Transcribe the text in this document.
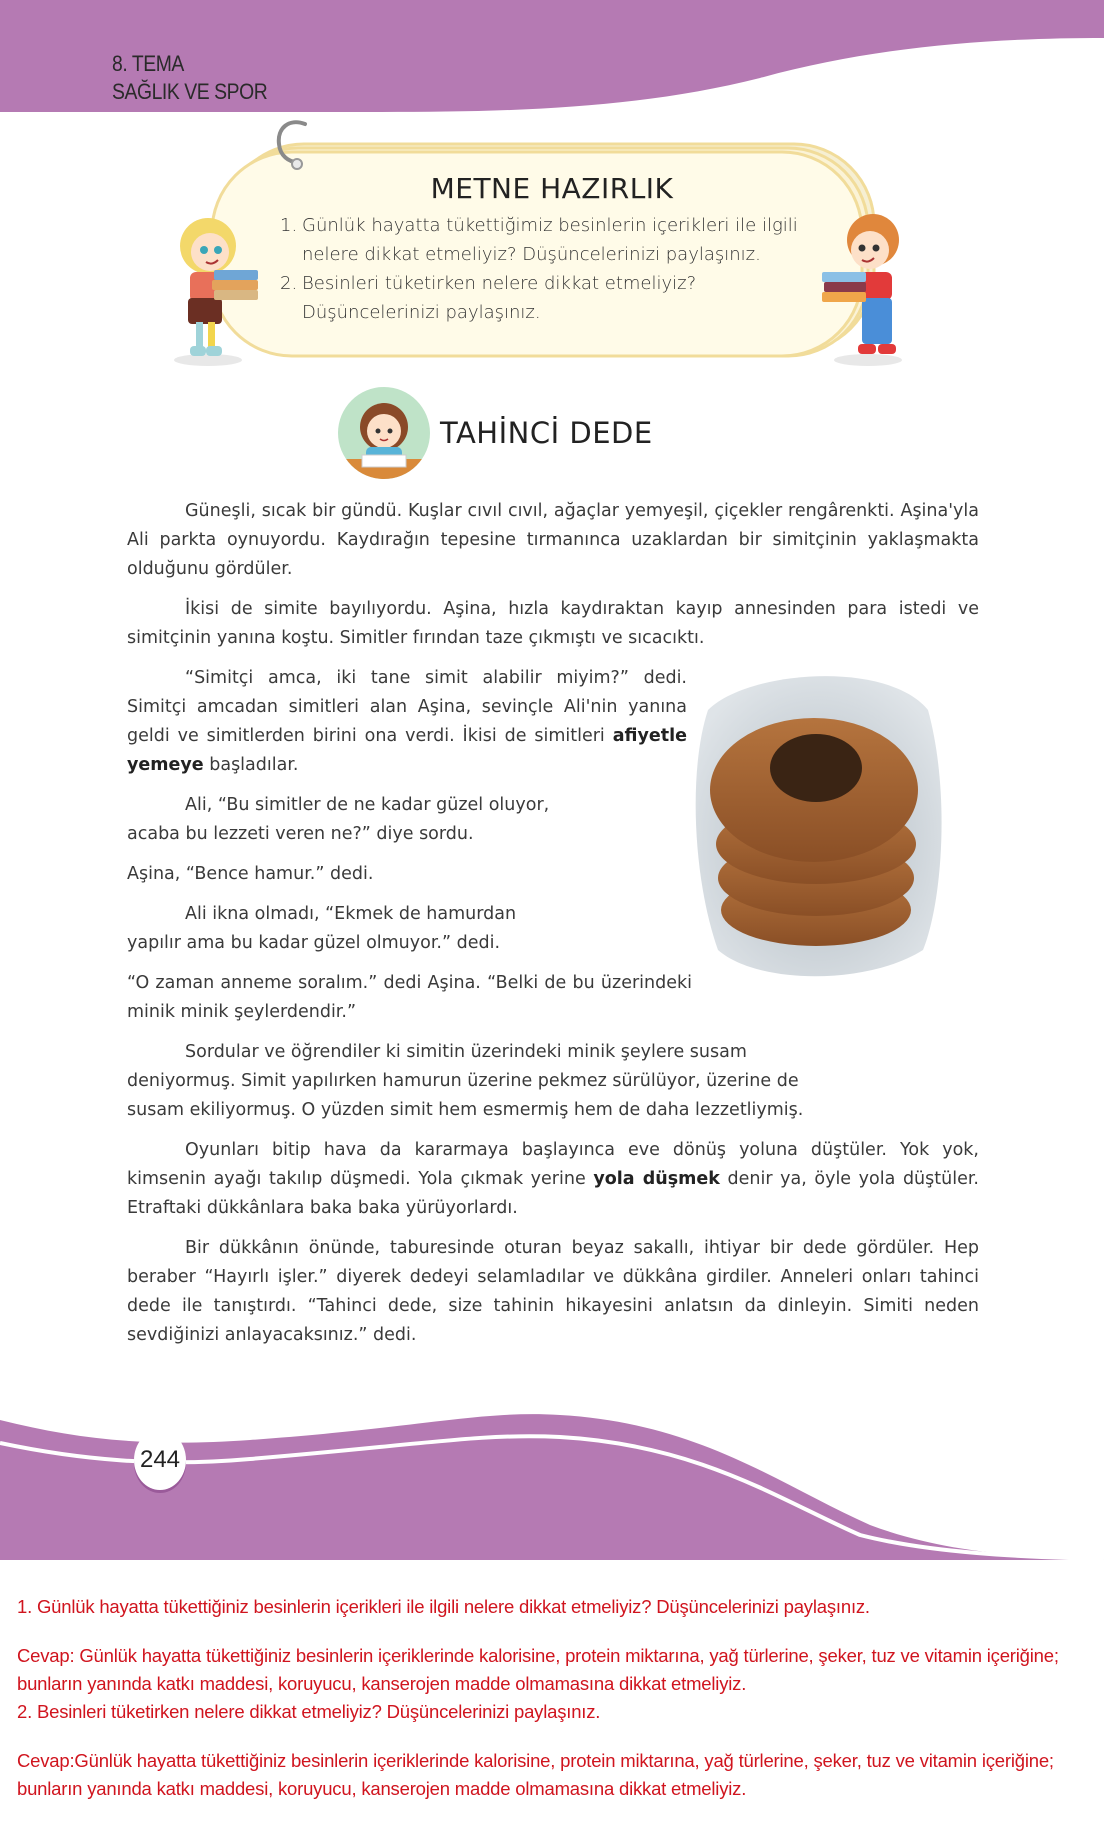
8. TEMA
SAĞLIK VE SPOR
METNE HAZIRLIK
1. Günlük hayatta tükettiğimiz besinlerin içerikleri ile ilgili nelere dikkat etmeliyiz? Düşüncelerinizi paylaşınız.
2. Besinleri tüketirken nelere dikkat etmeliyiz? Düşüncelerinizi paylaşınız.
TAHİNCİ DEDE

Güneşli, sıcak bir gündü. Kuşlar cıvıl cıvıl, ağaçlar yemyeşil, çiçekler rengârenkti. Aşina'yla Ali parkta oynuyordu. Kaydırağın tepesine tırmanınca uzaklardan bir simitçinin yaklaşmakta olduğunu gördüler.

İkisi de simite bayılıyordu. Aşina, hızla kaydıraktan kayıp annesinden para istedi ve simitçinin yanına koştu. Simitler fırından taze çıkmıştı ve sıcacıktı.

“Simitçi amca, iki tane simit alabilir miyim?” dedi. Simitçi amcadan simitleri alan Aşina, sevinçle Ali'nin yanına geldi ve simitlerden birini ona verdi. İkisi de simitleri afiyetle yemeye başladılar.

Ali, “Bu simitler de ne kadar güzel oluyor, acaba bu lezzeti veren ne?” diye sordu.

Aşina, “Bence hamur.” dedi.

Ali ikna olmadı, “Ekmek de hamurdan yapılır ama bu kadar güzel olmuyor.” dedi.

“O zaman anneme soralım.” dedi Aşina. “Belki de bu üzerindeki minik minik şeylerdendir.”

Sordular ve öğrendiler ki simitin üzerindeki minik şeylere susam deniyormuş. Simit yapılırken hamurun üzerine pekmez sürülüyor, üzerine de susam ekiliyormuş. O yüzden simit hem esmermiş hem de daha lezzetliymiş.

Oyunları bitip hava da kararmaya başlayınca eve dönüş yoluna düştüler. Yok yok, kimsenin ayağı takılıp düşmedi. Yola çıkmak yerine yola düşmek denir ya, öyle yola düştüler. Etraftaki dükkânlara baka baka yürüyorlardı.

Bir dükkânın önünde, taburesinde oturan beyaz sakallı, ihtiyar bir dede gördüler. Hep beraber “Hayırlı işler.” diyerek dedeyi selamladılar ve dükkâna girdiler. Anneleri onları tahinci dede ile tanıştırdı. “Tahinci dede, size tahinin hikayesini anlatsın da dinleyin. Simiti neden sevdiğinizi anlayacaksınız.” dedi.

244

1. Günlük hayatta tükettiğiniz besinlerin içerikleri ile ilgili nelere dikkat etmeliyiz? Düşüncelerinizi paylaşınız.

Cevap: Günlük hayatta tükettiğiniz besinlerin içeriklerinde kalorisine, protein miktarına, yağ türlerine, şeker, tuz ve vitamin içeriğine; bunların yanında katkı maddesi, koruyucu, kanserojen madde olmamasına dikkat etmeliyiz.

2. Besinleri tüketirken nelere dikkat etmeliyiz? Düşüncelerinizi paylaşınız.

Cevap:Günlük hayatta tükettiğiniz besinlerin içeriklerinde kalorisine, protein miktarına, yağ türlerine, şeker, tuz ve vitamin içeriğine; bunların yanında katkı maddesi, koruyucu, kanserojen madde olmamasına dikkat etmeliyiz.
